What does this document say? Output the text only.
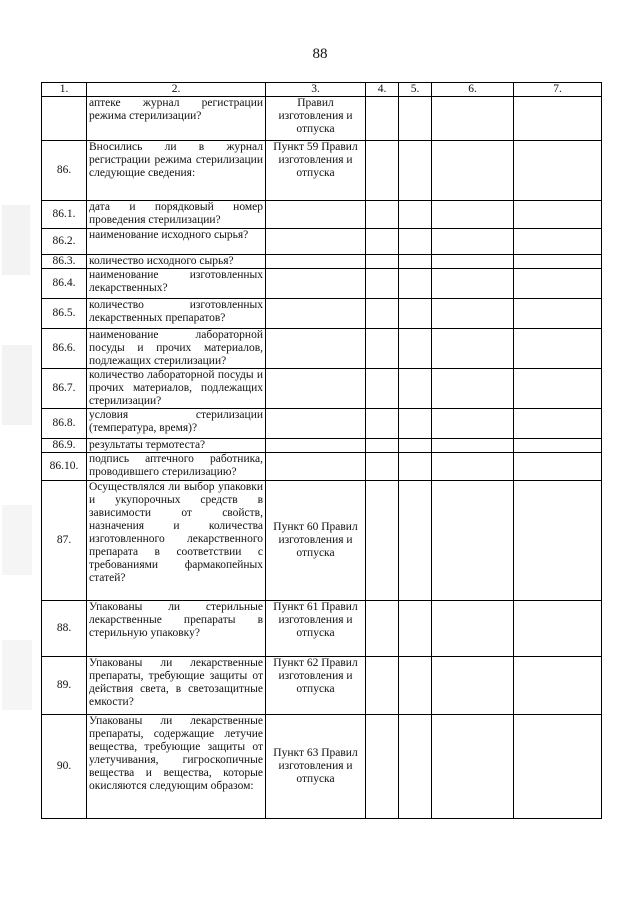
88
1.	2.	3.	4.	5.	6.	7.
	аптеке журнал регистрации режима стерилизации?	Правил изготовления и отпуска				
86.	Вносились ли в журнал регистрации режима стерилизации следующие сведения:	Пункт 59 Правил изготовления и отпуска				
86.1.	дата и порядковый номер проведения стерилизации?					
86.2.	наименование исходного сырья?					
86.3.	количество исходного сырья?					
86.4.	наименование изготовленных лекарственных?					
86.5.	количество изготовленных лекарственных препаратов?					
86.6.	наименование лабораторной посуды и прочих материалов, подлежащих стерилизации?					
86.7.	количество лабораторной посуды и прочих материалов, подлежащих стерилизации?					
86.8.	условия стерилизации (температура, время)?					
86.9.	результаты термотеста?					
86.10.	подпись аптечного работника, проводившего стерилизацию?					
87.	Осуществлялся ли выбор упаковки и укупорочных средств в зависимости от свойств, назначения и количества изготовленного лекарственного препарата в соответствии с требованиями фармакопейных статей?	Пункт 60 Правил изготовления и отпуска				
88.	Упакованы ли стерильные лекарственные препараты в стерильную упаковку?	Пункт 61 Правил изготовления и отпуска				
89.	Упакованы ли лекарственные препараты, требующие защиты от действия света, в светозащитные емкости?	Пункт 62 Правил изготовления и отпуска				
90.	Упакованы ли лекарственные препараты, содержащие летучие вещества, требующие защиты от улетучивания, гигроскопичные вещества и вещества, которые окисляются следующим образом:	Пункт 63 Правил изготовления и отпуска				
